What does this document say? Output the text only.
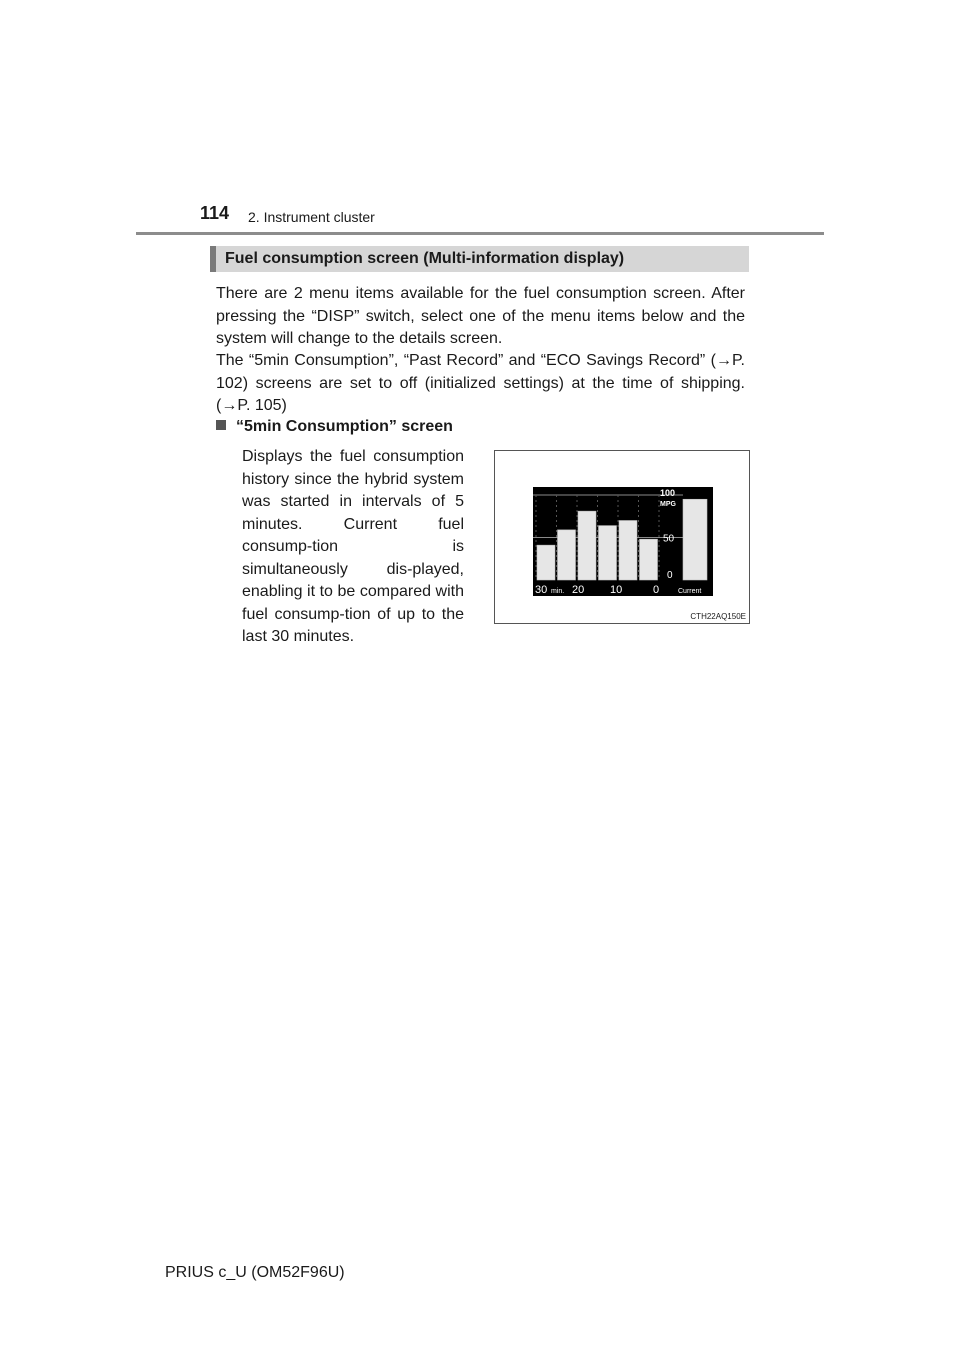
114 2. Instrument cluster
Fuel consumption screen (Multi-information display)

There are 2 menu items available for the fuel consumption screen. After pressing the “DISP” switch, select one of the menu items below and the system will change to the details screen.

The “5min Consumption”, “Past Record” and “ECO Savings Record” (→P. 102) screens are set to off (initialized settings) at the time of shipping. (→P. 105)

“5min Consumption” screen

Displays the fuel consumption history since the hybrid system was started in intervals of 5 minutes. Current fuel consump-tion is simultaneously dis-played, enabling it to be compared with fuel consump-tion of up to the last 30 minutes.

100
MPG
50
0
30 min. 20 10	0	Current
CTH22AQ150E
PRIUS c_U (OM52F96U)
